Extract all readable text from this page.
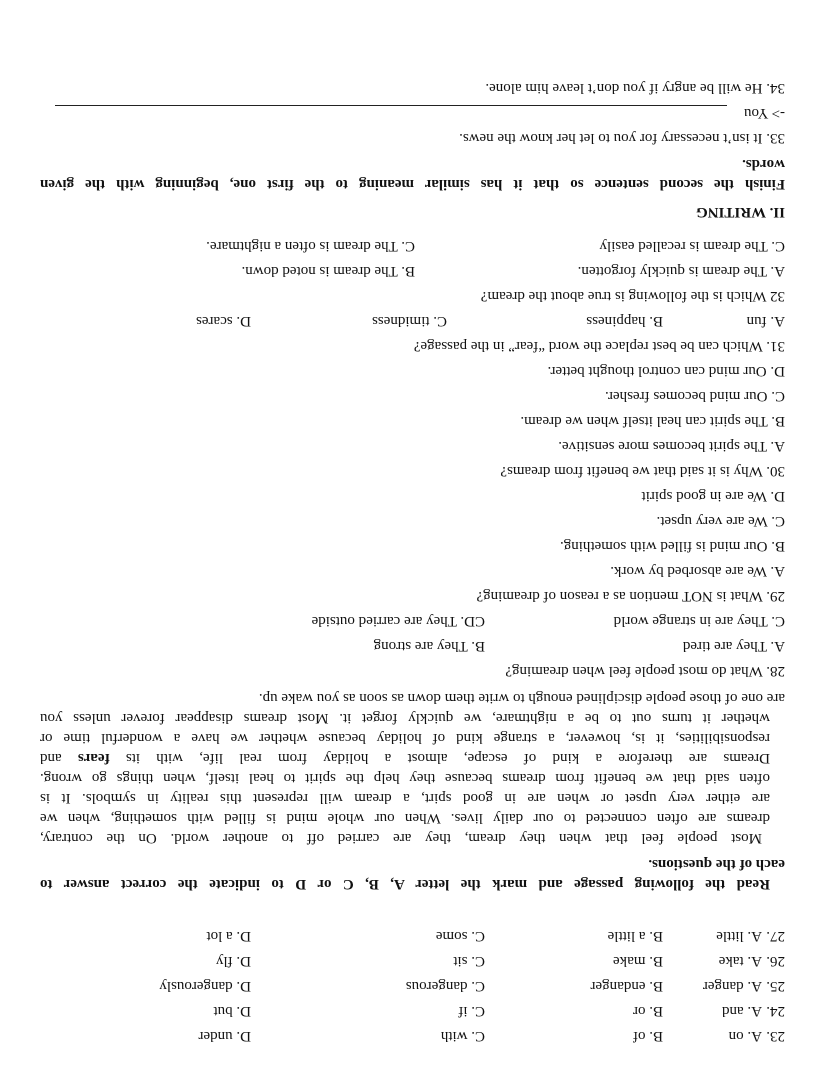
23.
A. on
B. of
C. with
D. under
24.
A. and
B. or
C. if
D. but
25.
A. danger
B. endanger
C. dangerous
D. dangerously
26.
A. take
B. make
C. sit
D. fly
27.
A. little
B. a little
C. some
D. a lot
Read the following passage and mark the letter A, B, C or D to indicate the correct answer to
each of the questions.
Most people feel that when they dream, they are carried off to another world. On the contrary,
dreams are often connected to our daily lives. When our whole mind is filled with something, when we
are either very upset or when are in good spirt, a dream will represent this reality in symbols. It is
often said that we benefit from dreams because they help the spirit to heal itself, when things go wrong.
Dreams are therefore a kind of escape, almost a holiday from real life, with its fears and
responsibilities, it is, however, a strange kind of holiday because whether we have a wonderful time or
whether it turns out to be a nightmare, we quickly forget it. Most dreams disappear forever unless you
are one of those people disciplined enough to write them down as soon as you wake up.
28. What do most people feel when dreaming?
A. They are tired
B. They are strong
C. They are in strange world
CD. They are carried outside
29. What is NOT mention as a reason of dreaming?
A. We are absorbed by work.
B. Our mind is filled with something.
C. We are very upset.
D. We are in good spirit
30. Why is it said that we benefit from dreams?
A. The spirit becomes more sensitive.
B. The spirit can heal itself when we dream.
C. Our mind becomes fresher.
D. Our mind can control thought better.
31. Which can be best replace the word “fear” in the passage?
A. fun
B. happiness
C. timidness
D. scares
32 Which is the following is true about the dream?
A. The dream is quickly forgotten.
B. The dream is noted down.
C. The dream is recalled easily
C. The dream is often a nightmare.
II. WRITING
Finish the second sentence so that it has similar meaning to the first one, beginning with the given
words.
33. It isn’t necessary for you to let her know the news.
-> You
34. He will be angry if you don’t leave him alone.
